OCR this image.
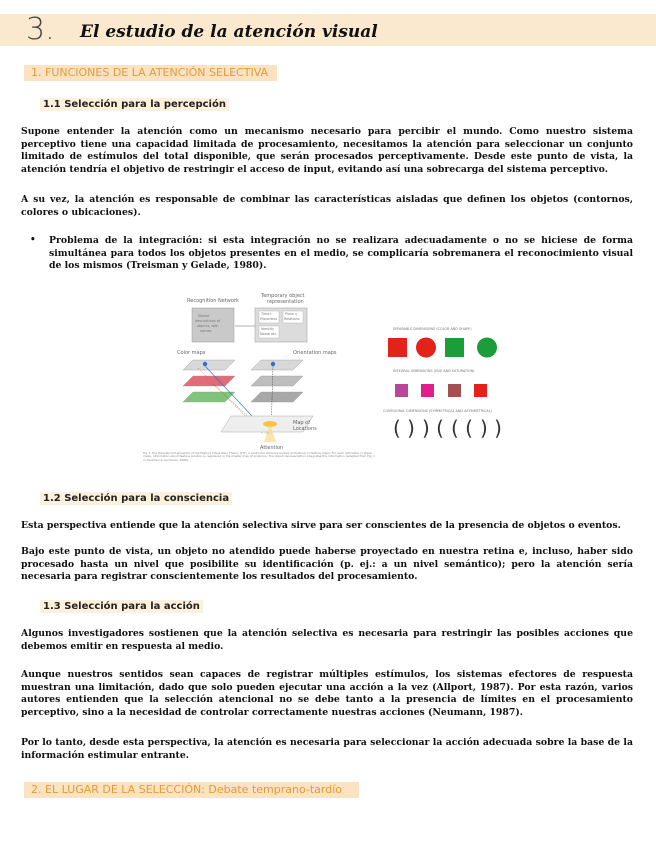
3. El estudio de la atención visual
1. FUNCIONES DE LA ATENCIÓN SELECTIVA
1.1 Selección para la percepción

Supone entender la atención como un mecanismo necesario para percibir el mundo. Como nuestro sistema perceptivo tiene una capacidad limitada de procesamiento, necesitamos la atención para seleccionar un conjunto limitado de estímulos del total disponible, que serán procesados perceptivamente. Desde este punto de vista, la atención tendría el objetivo de restringir el acceso de input, evitando así una sobrecarga del sistema perceptivo.

A su vez, la atención es responsable de combinar las características aisladas que definen los objetos (contornos, colores o ubicaciones).

• Problema de la integración: si esta integración no se realizara adecuadamente o no se hiciese de forma simultánea para todos los objetos presentes en el medio, se complicaría sobremanera el reconocimiento visual de los mismos (Treisman y Gelade, 1980).

Recognition Network
Temporary object
representation
Stored
descriptions of
objects, with
names
Time t
Properties
Place x
Relations
Identity
Name etc.
Color maps	Orientation maps
Map of
Locations
Attention
Fig. 1 The theoretical framework of the Feature Integration Theory (FIT). A particular stimulus evokes activations in feature maps. For each activation in these maps, information about feature location is registered in the master map of locations. The object representation integrates the information (adapted from Fig. 1 in Treisman & Gormican, 1988).
SEPARABLE DIMENSIONS (COLOR AND SHAPE)
INTEGRAL DIMENSIONS (HUE AND SATURATION)
CONFIGURAL DIMENSIONS (SYMMETRICAL AND ASYMMETRICAL)
( ) ) ( ( ( ) )
1.2 Selección para la consciencia

Esta perspectiva entiende que la atención selectiva sirve para ser conscientes de la presencia de objetos o eventos.

Bajo este punto de vista, un objeto no atendido puede haberse proyectado en nuestra retina e, incluso, haber sido procesado hasta un nivel que posibilite su identificación (p. ej.: a un nivel semántico); pero la atención sería necesaria para registrar conscientemente los resultados del procesamiento.

1.3 Selección para la acción

Algunos investigadores sostienen que la atención selectiva es necesaria para restringir las posibles acciones que debemos emitir en respuesta al medio.

Aunque nuestros sentidos sean capaces de registrar múltiples estímulos, los sistemas efectores de respuesta muestran una limitación, dado que solo pueden ejecutar una acción a la vez (Allport, 1987). Por esta razón, varios autores entienden que la selección atencional no se debe tanto a la presencia de límites en el procesamiento perceptivo, sino a la necesidad de controlar correctamente nuestras acciones (Neumann, 1987).

Por lo tanto, desde esta perspectiva, la atención es necesaria para seleccionar la acción adecuada sobre la base de la información estimular entrante.

2. EL LUGAR DE LA SELECCIÓN: Debate temprano-tardío
